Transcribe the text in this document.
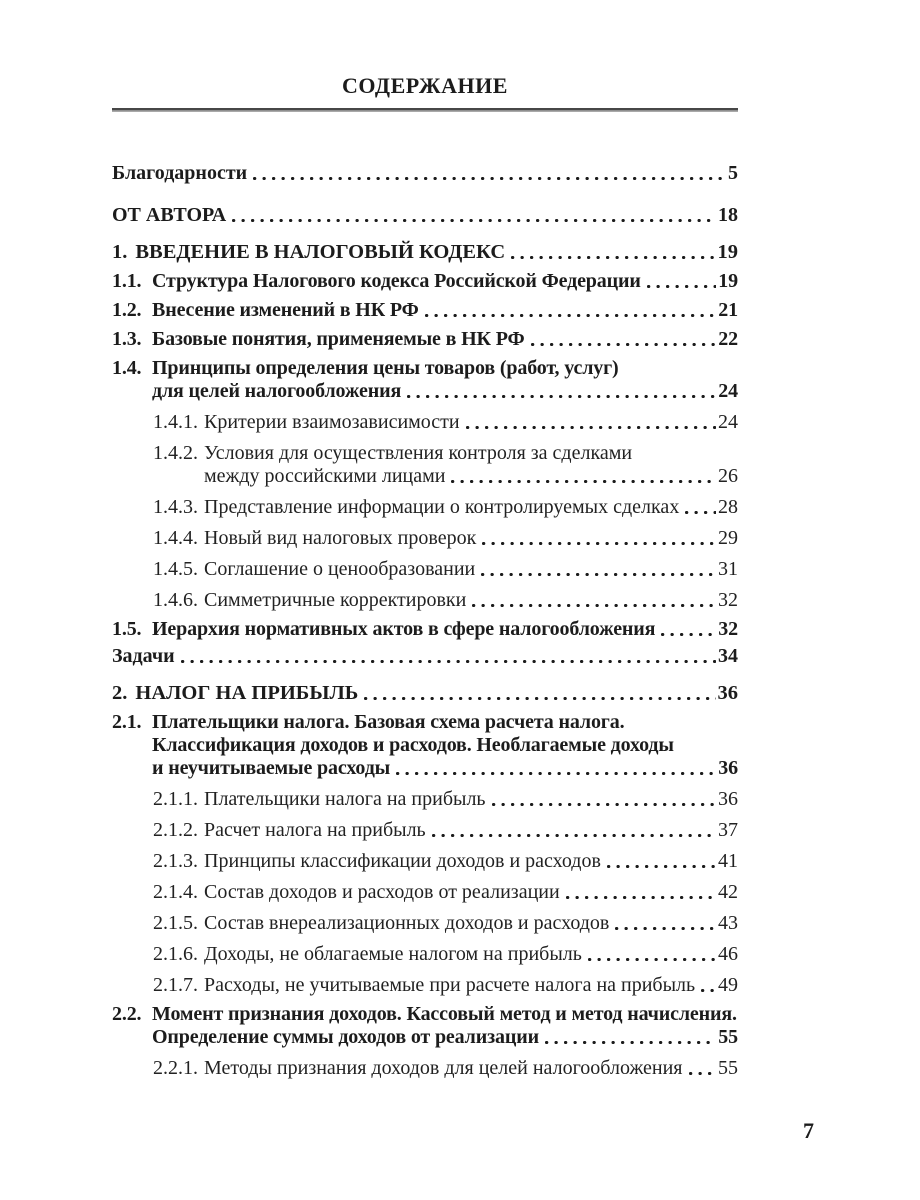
СОДЕРЖАНИЕ
Благодарности	5
ОТ АВТОРА	18
1. ВВЕДЕНИЕ В НАЛОГОВЫЙ КОДЕКС	19
1.1. Структура Налогового кодекса Российской Федерации	19
1.2. Внесение изменений в НК РФ	21
1.3. Базовые понятия, применяемые в НК РФ	22
1.4. Принципы определения цены товаров (работ, услуг)
для целей налогообложения	24
1.4.1. Критерии взаимозависимости	24
1.4.2. Условия для осуществления контроля за сделками
между российскими лицами	26
1.4.3. Представление информации о контролируемых сделках 28
1.4.4. Новый вид налоговых проверок	29
1.4.5. Соглашение о ценообразовании	31
1.4.6. Симметричные корректировки	32
1.5. Иерархия нормативных актов в сфере налогообложения	32
Задачи	34
2. НАЛОГ НА ПРИБЫЛЬ	36
2.1. Плательщики налога. Базовая схема расчета налога.
Классификация доходов и расходов. Необлагаемые доходы
и неучитываемые расходы	36
2.1.1. Плательщики налога на прибыль	36
2.1.2. Расчет налога на прибыль	37
2.1.3. Принципы классификации доходов и расходов	41
2.1.4. Состав доходов и расходов от реализации	42
2.1.5. Состав внереализационных доходов и расходов	43
2.1.6. Доходы, не облагаемые налогом на прибыль	46
2.1.7. Расходы, не учитываемые при расчете налога на прибыль 49
2.2. Момент признания доходов. Кассовый метод и метод начисления.
Определение суммы доходов от реализации	55
2.2.1. Методы признания доходов для целей налогообложения 55
7
